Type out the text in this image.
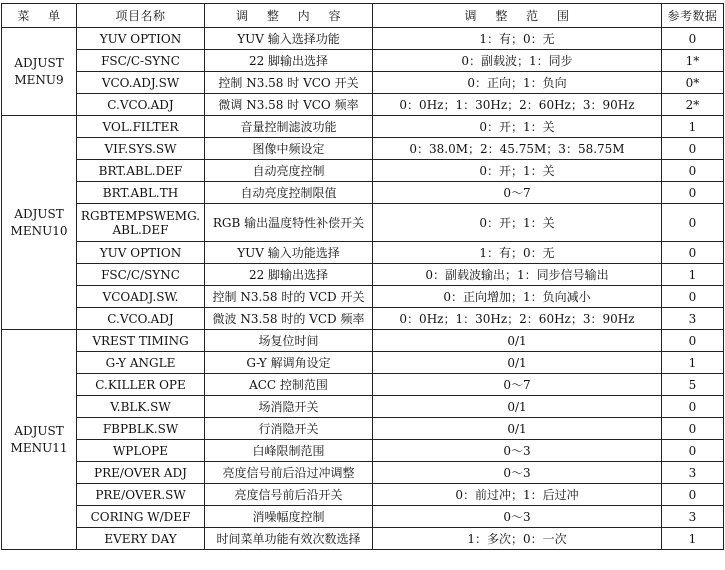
菜 单	项目名称	调 整 内 容	调 整 范 围	参考数据

ADJUST
MENU9	YUV OPTION	YUV 输入选择功能	1：有；0：无	0
	FSC/C-SYNC	22 脚输出选择	0：副载波；1：同步	1*
	VCO.ADJ.SW	控制 N3.58 时 VCO 开关	0：正向；1：负向	0*
	C.VCO.ADJ	微调 N3.58 时 VCO 频率	0：0Hz；1：30Hz；2：60Hz；3：90Hz	2*

ADJUST
MENU10	VOL.FILTER	音量控制滤波功能	0：开；1：关	1
	VIF.SYS.SW	图像中频设定	0：38.0M；2：45.75M；3：58.75M	0
	BRT.ABL.DEF	自动亮度控制	0：开；1：关	0
	BRT.ABL.TH	自动亮度控制限值	0～7	0

	RGBTEMPSWEMG.
ABL.DEF	RGB 输出温度特性补偿开关	0：开；1：关	0
	YUV OPTION	YUV 输入功能选择	1：有；0：无	0
	FSC/C/SYNC	22 脚输出选择	0：副载波输出；1：同步信号输出	1
	VCOADJ.SW.	控制 N3.58 时的 VCD 开关	0：正向增加；1：负向减小	0
	C.VCO.ADJ	微波 N3.58 时的 VCD 频率	0：0Hz；1：30Hz；2：60Hz；3：90Hz	3

ADJUST
MENU11	VREST TIMING	场复位时间	0/1	0
	G-Y ANGLE	G-Y 解调角设定	0/1	1
	C.KILLER OPE	ACC 控制范围	0～7	5
	V.BLK.SW	场消隐开关	0/1	0
	FBPBLK.SW	行消隐开关	0/1	0
	WPLOPE	白峰限制范围	0～3	0
	PRE/OVER ADJ	亮度信号前后沿过冲调整	0～3	3
	PRE/OVER.SW	亮度信号前后沿开关	0：前过冲；1：后过冲	0
	CORING W/DEF	消噪幅度控制	0～3	3
	EVERY DAY	时间菜单功能有效次数选择	1：多次；0：一次	1
